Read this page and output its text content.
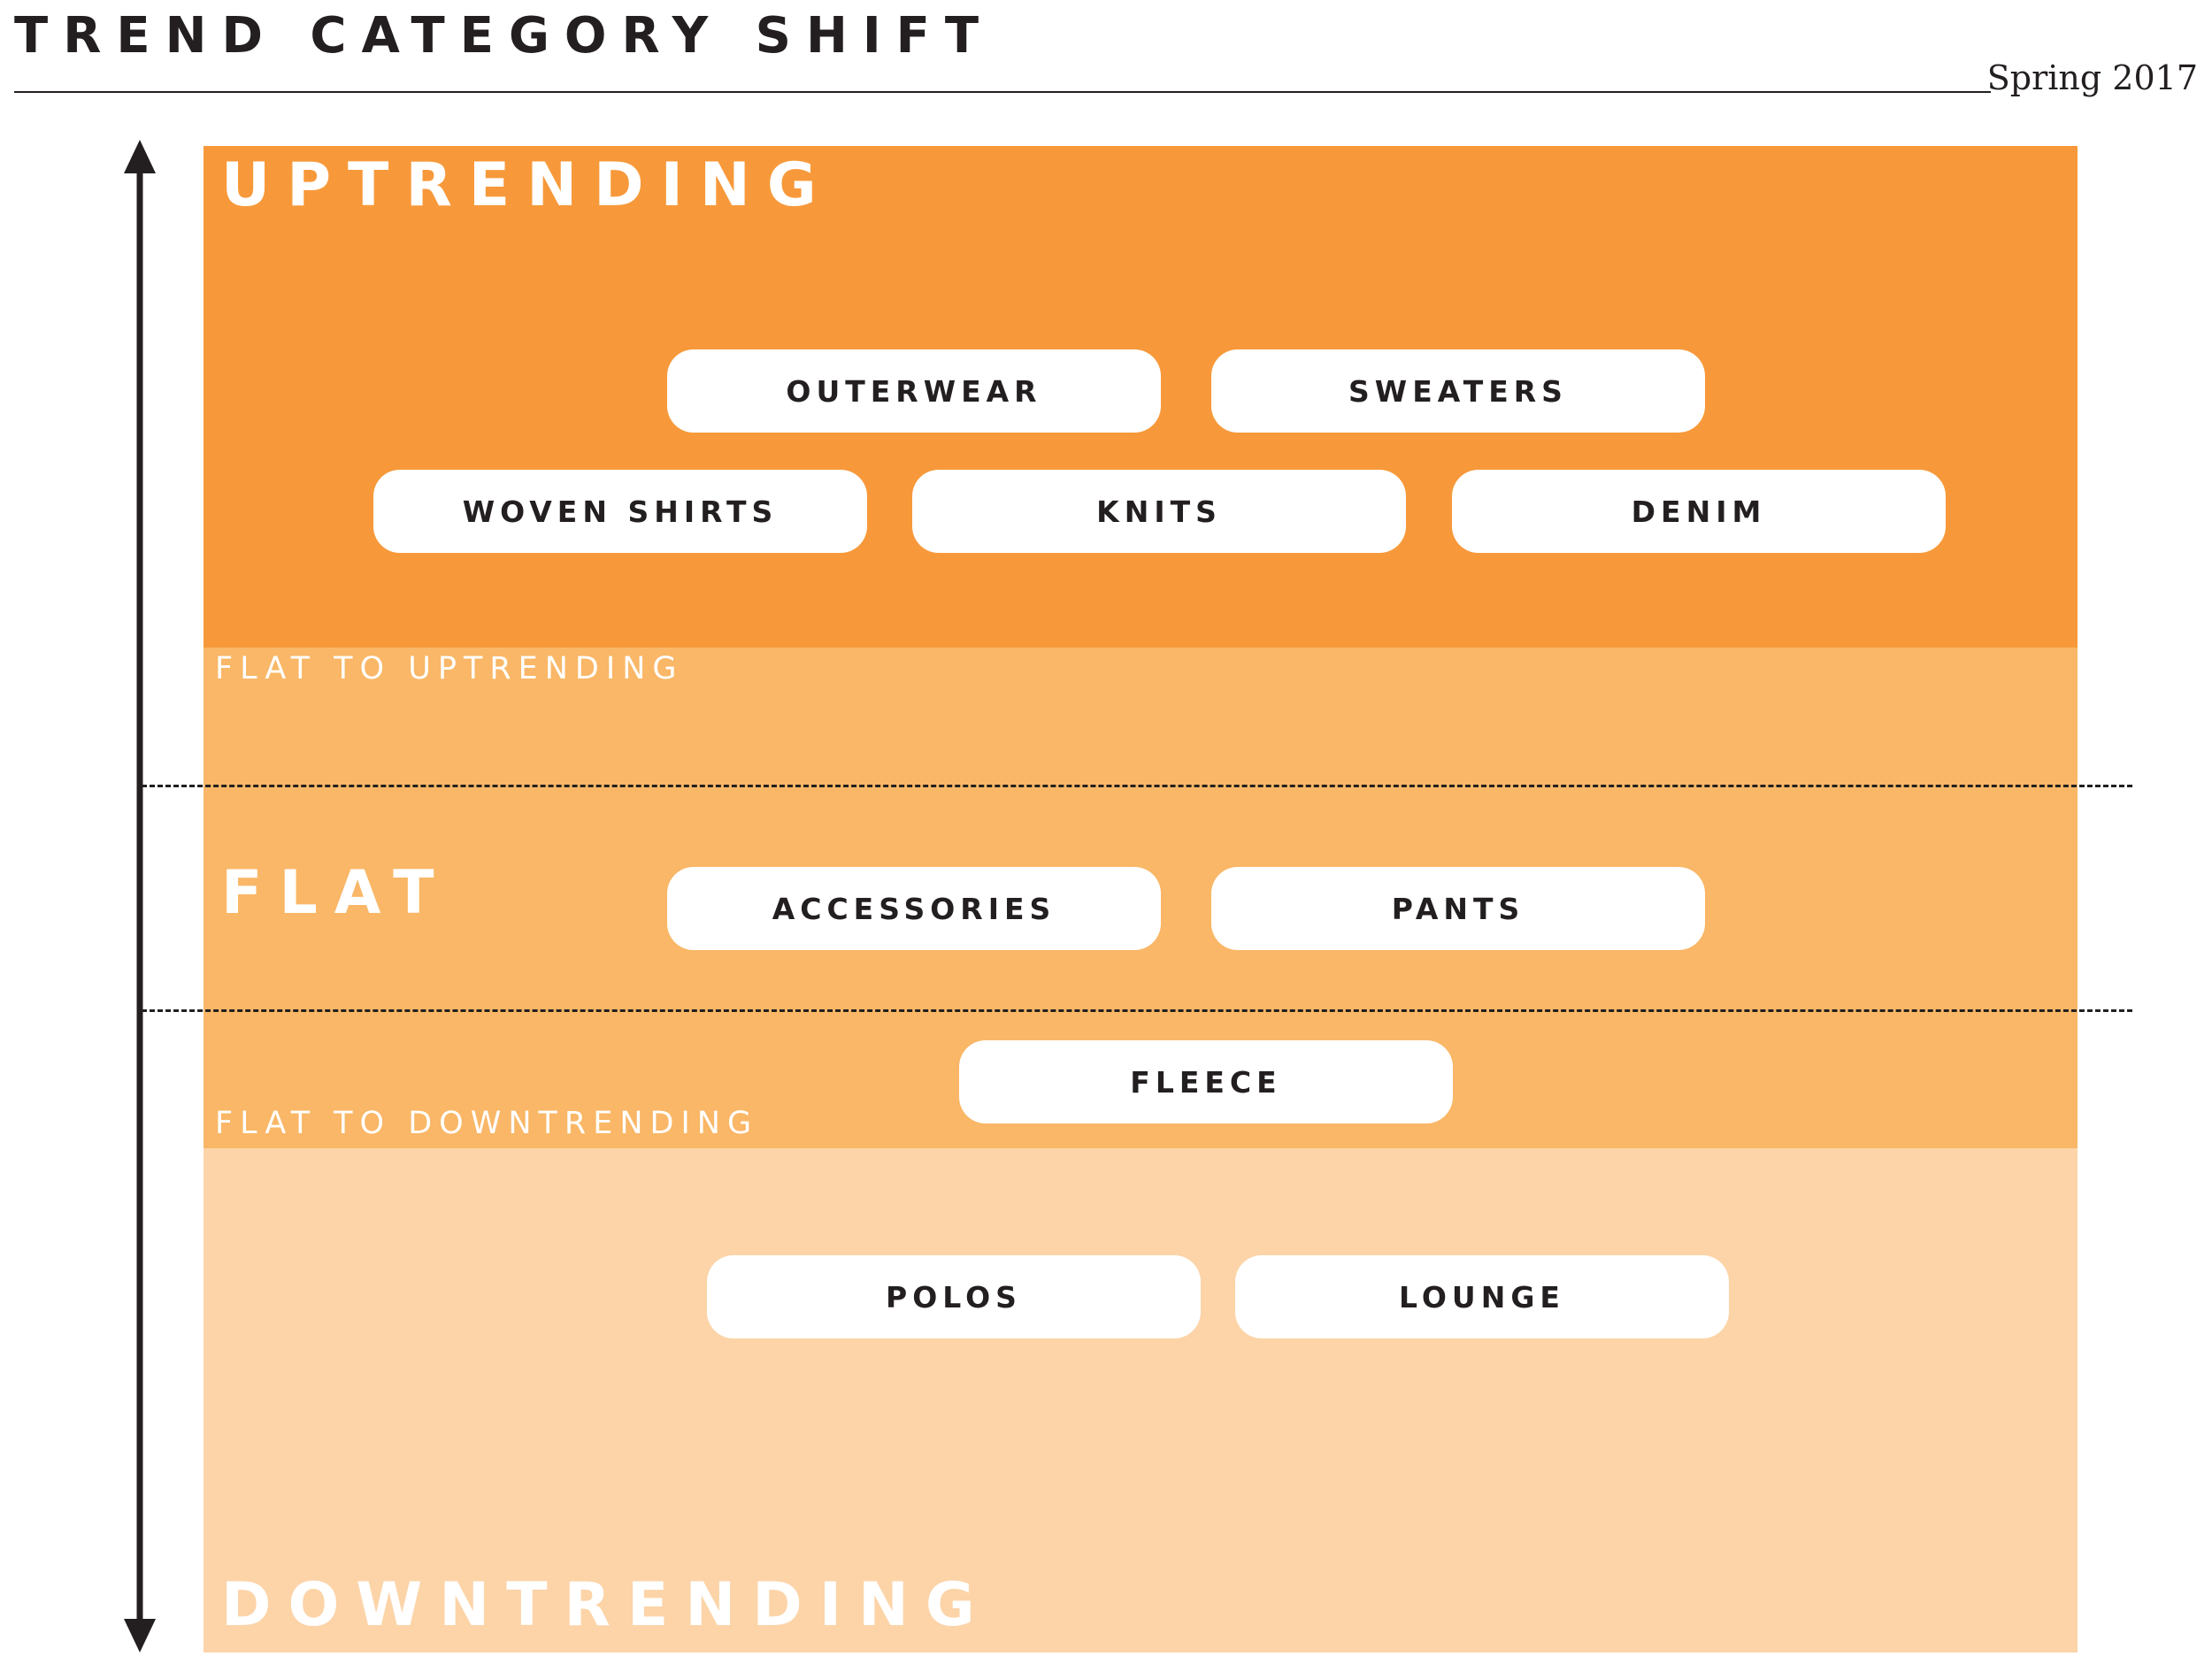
TREND CATEGORY SHIFT
Spring 2017
UPTRENDING
FLAT TO UPTRENDING
FLAT
FLAT TO DOWNTRENDING
DOWNTRENDING
OUTERWEAR	SWEATERS
WOVEN SHIRTS	KNITS	DENIM
ACCESSORIES	PANTS
FLEECE
POLOS	LOUNGE
